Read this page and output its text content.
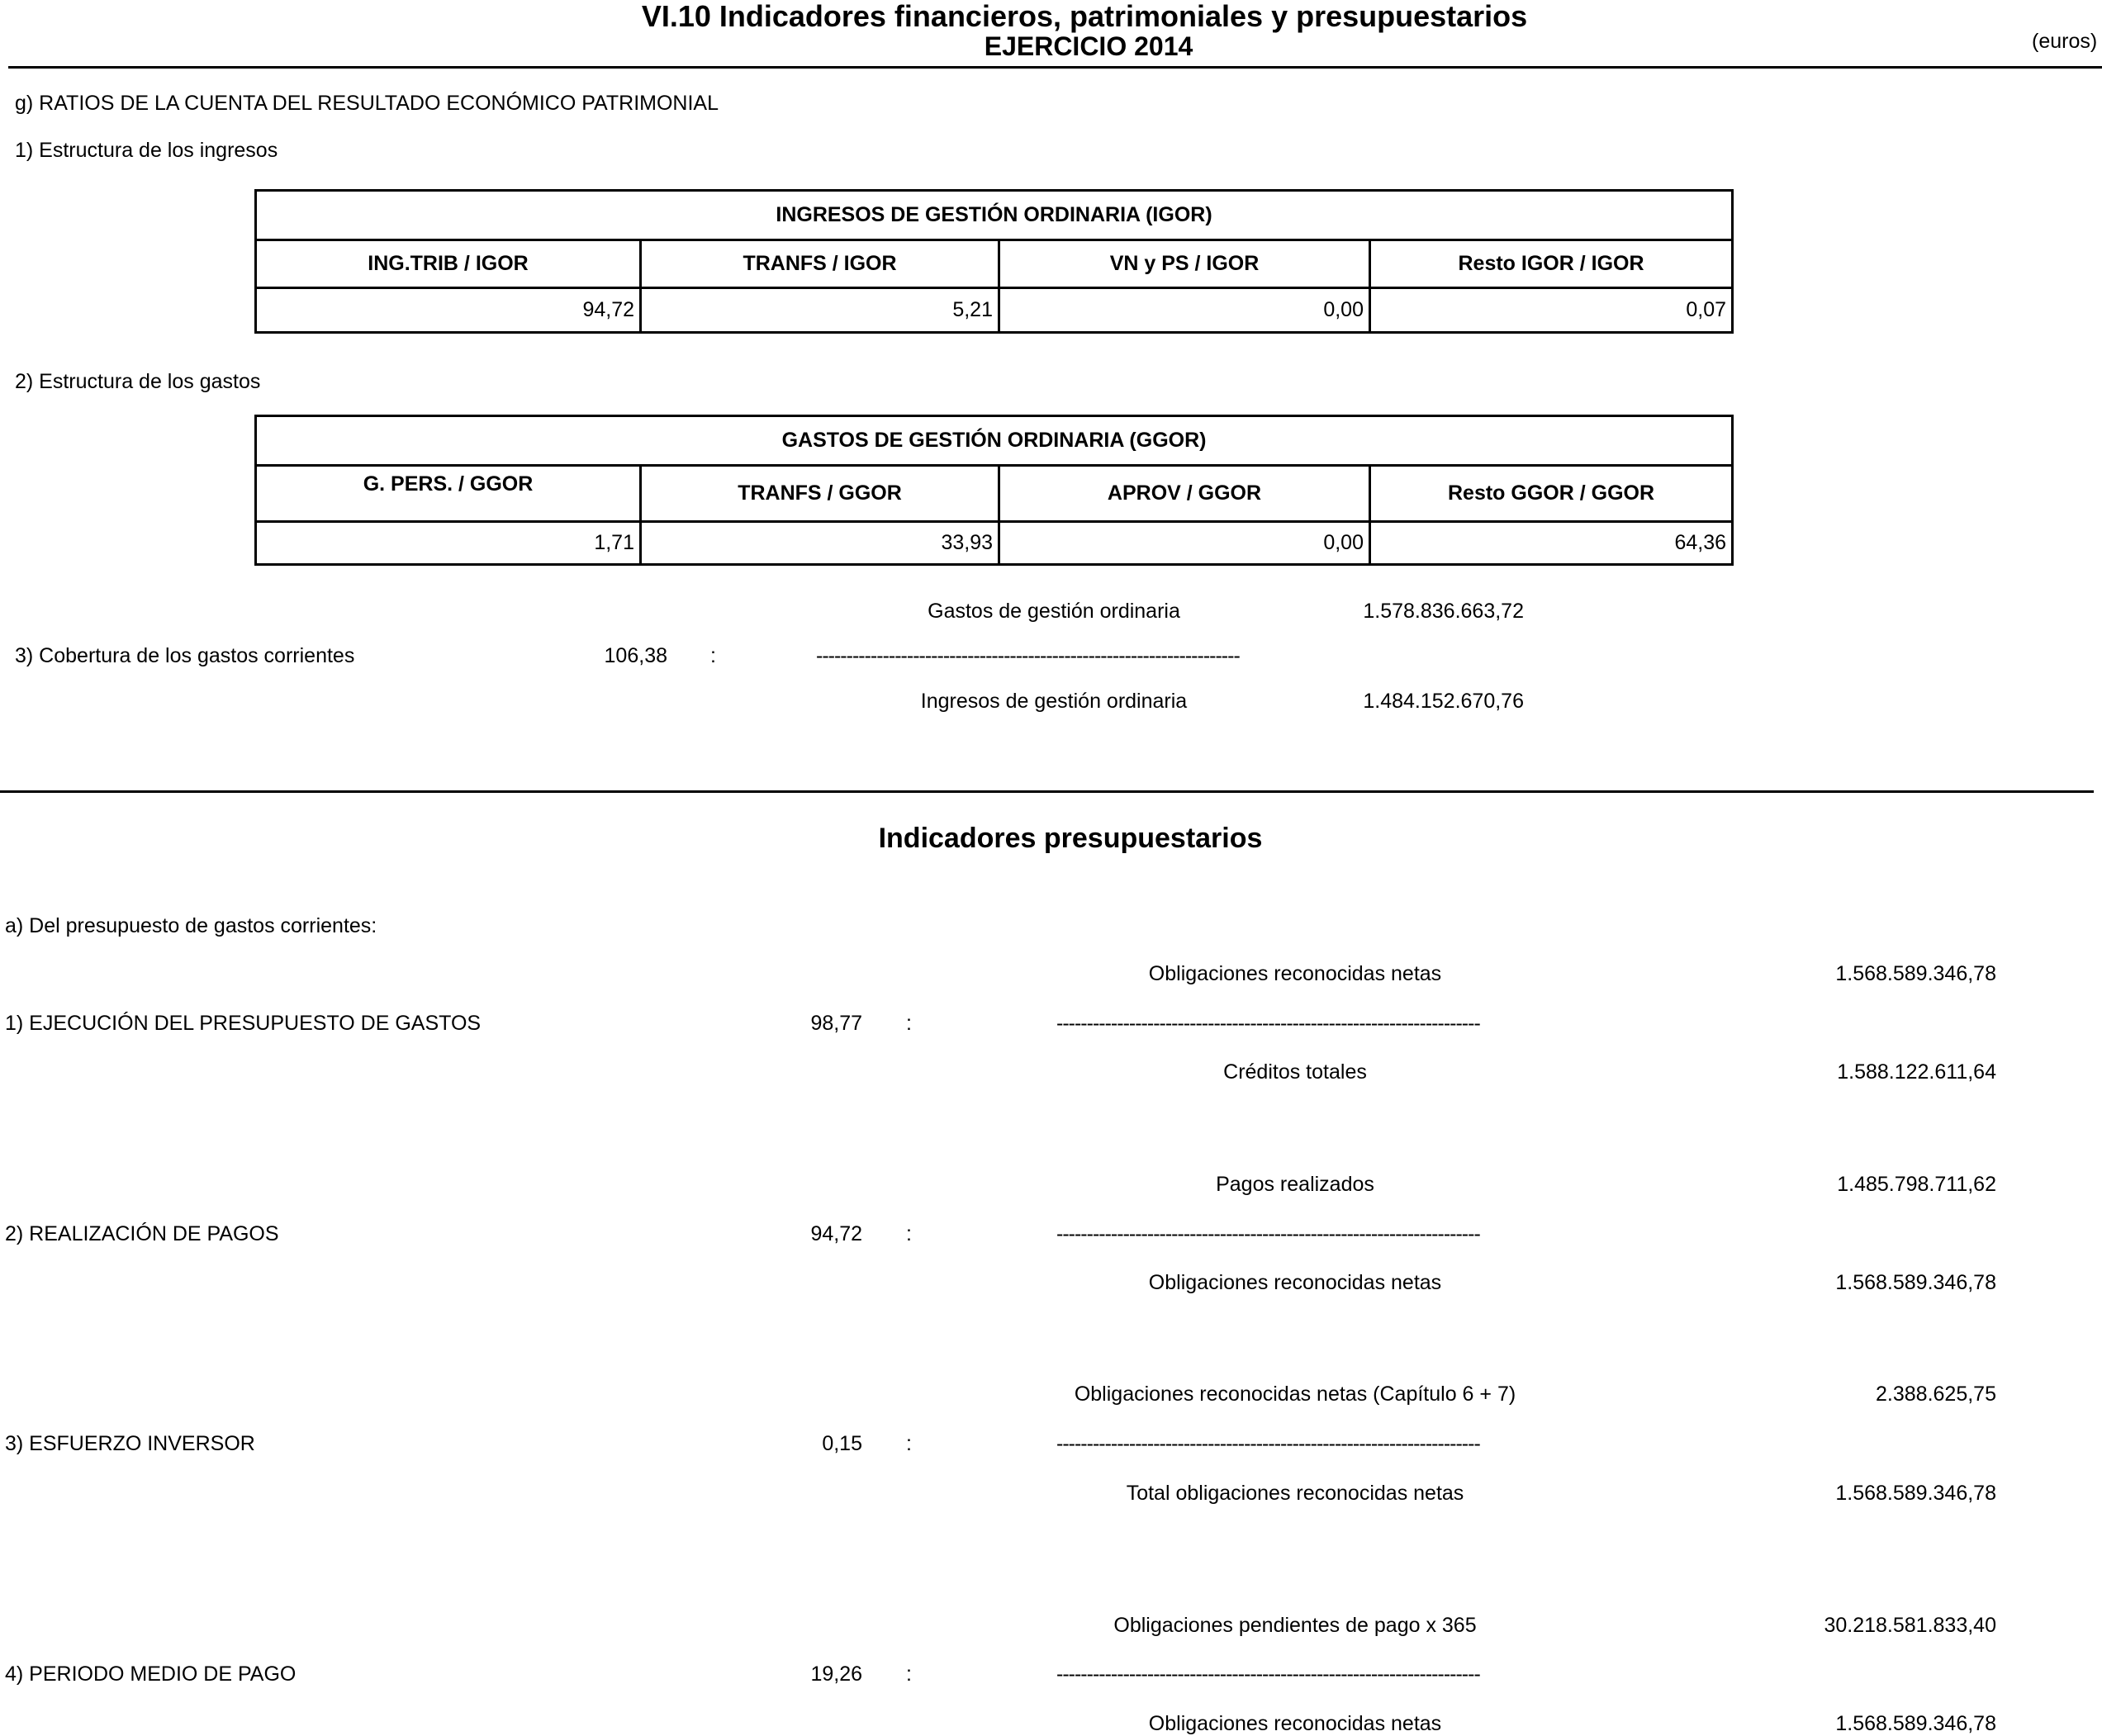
VI.10 Indicadores financieros, patrimoniales y presupuestarios
EJERCICIO 2014	(euros)
g) RATIOS DE LA CUENTA DEL RESULTADO ECONÓMICO PATRIMONIAL
1) Estructura de los ingresos
INGRESOS DE GESTIÓN ORDINARIA (IGOR)			
ING.TRIB / IGOR	TRANFS / IGOR	VN y PS / IGOR	Resto IGOR / IGOR
94,72	5,21	0,00	0,07
2) Estructura de los gastos
GASTOS DE GESTIÓN ORDINARIA (GGOR)			
G. PERS. / GGOR	TRANFS / GGOR	APROV / GGOR	Resto GGOR / GGOR
1,71	33,93	0,00	64,36
Gastos de gestión ordinaria	1.578.836.663,72
3) Cobertura de los gastos corrientes	106,38 :	----------------------------------------------------------------------
Ingresos de gestión ordinaria	1.484.152.670,76
Indicadores presupuestarios
a) Del presupuesto de gastos corrientes:
Obligaciones reconocidas netas	1.568.589.346,78
1) EJECUCIÓN DEL PRESUPUESTO DE GASTOS	98,77 :	----------------------------------------------------------------------
Créditos totales	1.588.122.611,64
Pagos realizados	1.485.798.711,62
2) REALIZACIÓN DE PAGOS	94,72 :	----------------------------------------------------------------------
Obligaciones reconocidas netas	1.568.589.346,78
Obligaciones reconocidas netas (Capítulo 6 + 7)	2.388.625,75
3) ESFUERZO INVERSOR	0,15 :	----------------------------------------------------------------------
Total obligaciones reconocidas netas	1.568.589.346,78
Obligaciones pendientes de pago x 365	30.218.581.833,40
4) PERIODO MEDIO DE PAGO	19,26 :	----------------------------------------------------------------------
Obligaciones reconocidas netas	1.568.589.346,78
